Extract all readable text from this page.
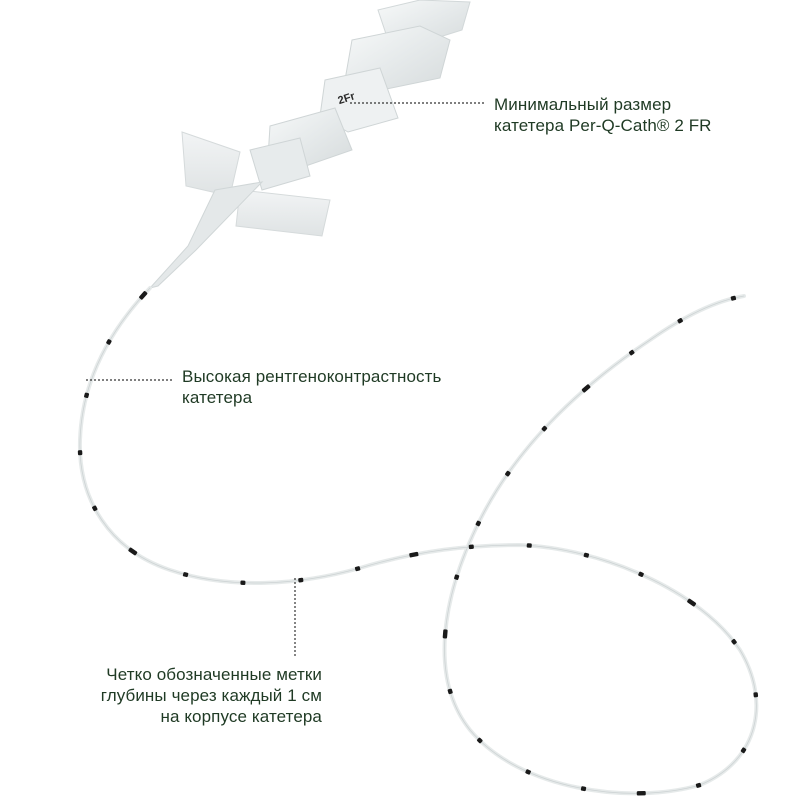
2Fr	Минимальный размер
катетера Per-Q-Cath® 2 FR
Высокая рентгеноконтрастность
катетера
Четко обозначенные метки
глубины через каждый 1 см
на корпусе катетера
